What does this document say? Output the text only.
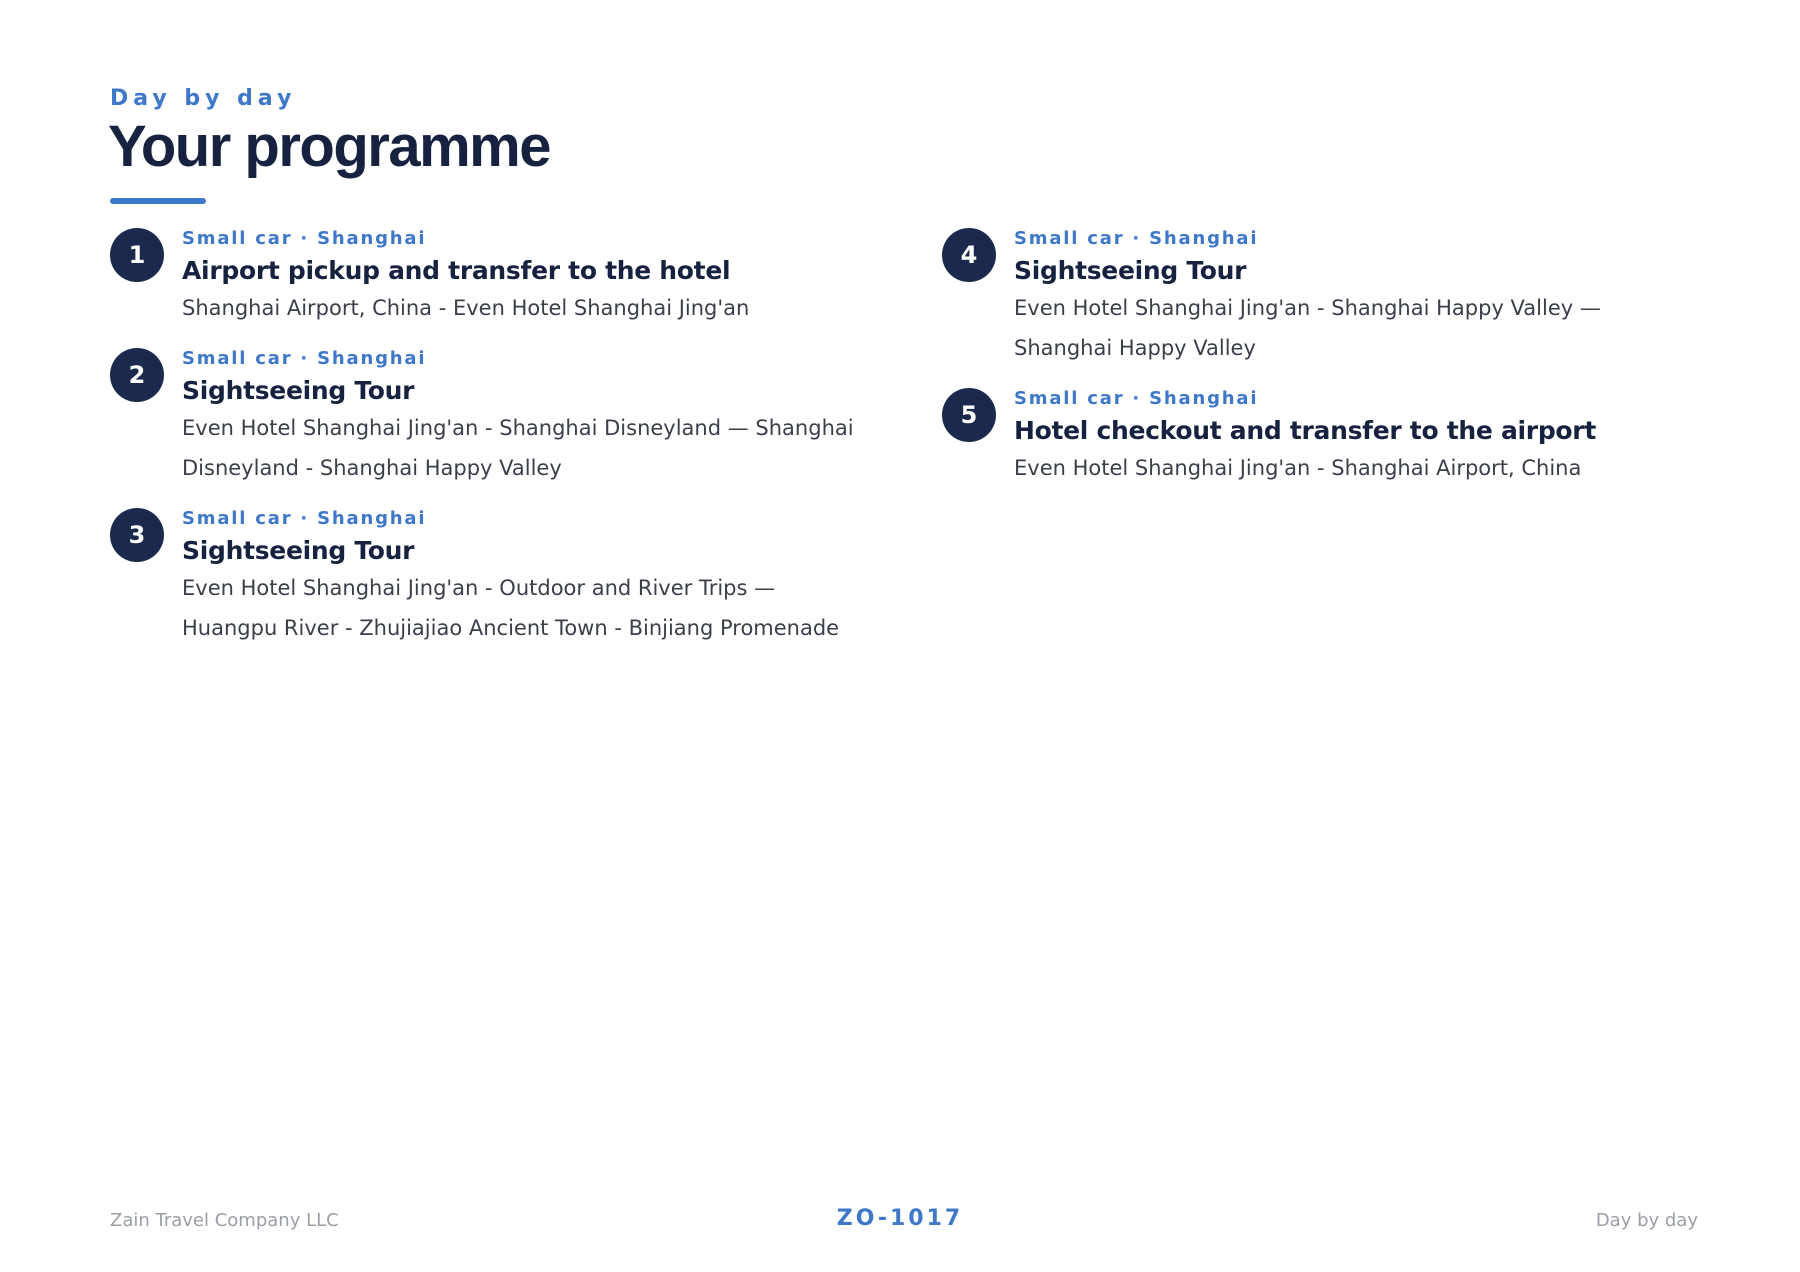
Day by day
Your programme
1
Small car · Shanghai
Airport pickup and transfer to the hotel
Shanghai Airport, China - Even Hotel Shanghai Jing'an
2
Small car · Shanghai
Sightseeing Tour
Even Hotel Shanghai Jing'an - Shanghai Disneyland — Shanghai Disneyland - Shanghai Happy Valley
3
Small car · Shanghai
Sightseeing Tour
Even Hotel Shanghai Jing'an - Outdoor and River Trips — Huangpu River - Zhujiajiao Ancient Town - Binjiang Promenade
4
Small car · Shanghai
Sightseeing Tour
Even Hotel Shanghai Jing'an - Shanghai Happy Valley — Shanghai Happy Valley
5
Small car · Shanghai
Hotel checkout and transfer to the airport
Even Hotel Shanghai Jing'an - Shanghai Airport, China
Zain Travel Company LLC	ZO-1017	Day by day
